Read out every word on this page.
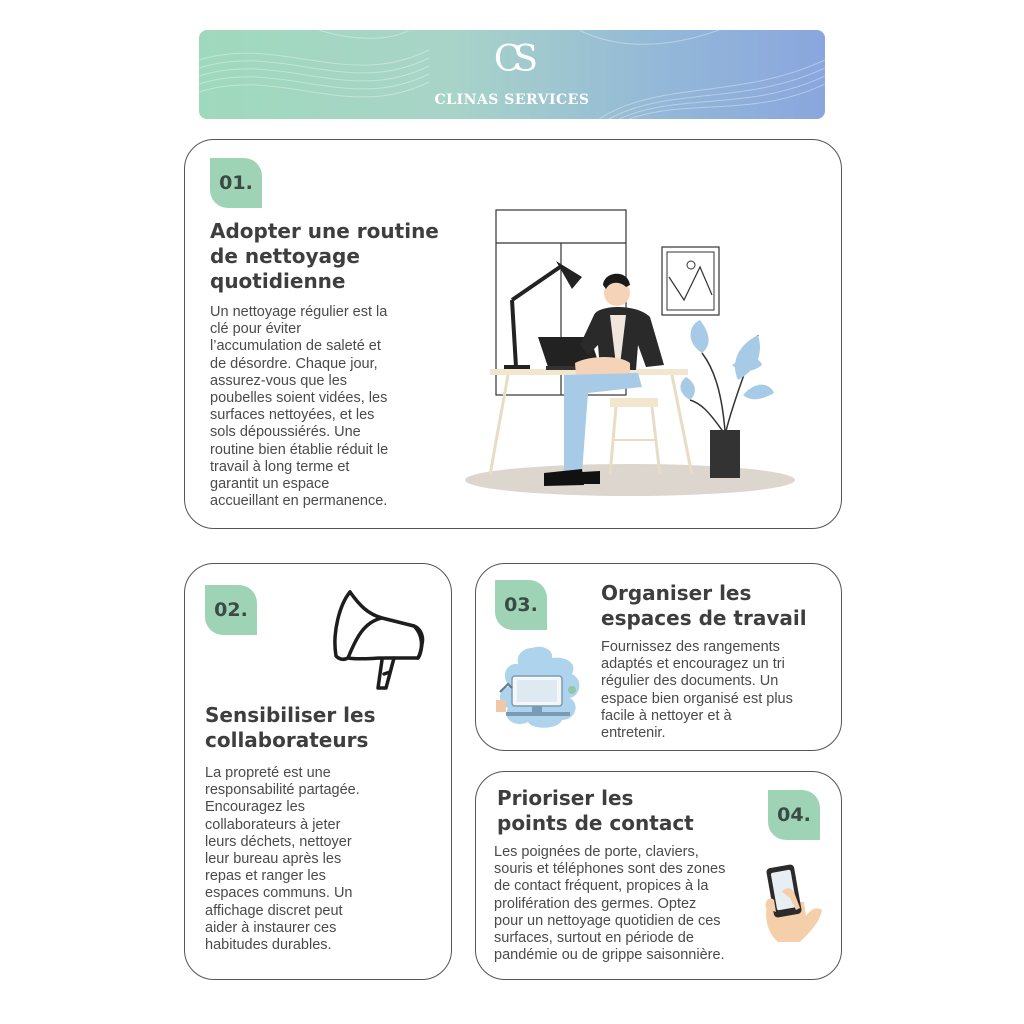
CS
CLINAS SERVICES
01.
Adopter une routine
de nettoyage
quotidienne

Un nettoyage régulier est la
clé pour éviter
l’accumulation de saleté et
de désordre. Chaque jour,
assurez-vous que les
poubelles soient vidées, les
surfaces nettoyées, et les
sols dépoussiérés. Une
routine bien établie réduit le
travail à long terme et
garantit un espace
accueillant en permanence.

02.
Sensibiliser les
collaborateurs

La propreté est une
responsabilité partagée.
Encouragez les
collaborateurs à jeter
leurs déchets, nettoyer
leur bureau après les
repas et ranger les
espaces communs. Un
affichage discret peut
aider à instaurer ces
habitudes durables.

03.	Organiser les
espaces de travail

Fournissez des rangements
adaptés et encouragez un tri
régulier des documents. Un
espace bien organisé est plus
facile à nettoyer et à
entretenir.

Prioriser les
points de contact	04.

Les poignées de porte, claviers,
souris et téléphones sont des zones
de contact fréquent, propices à la
prolifération des germes. Optez
pour un nettoyage quotidien de ces
surfaces, surtout en période de
pandémie ou de grippe saisonnière.
